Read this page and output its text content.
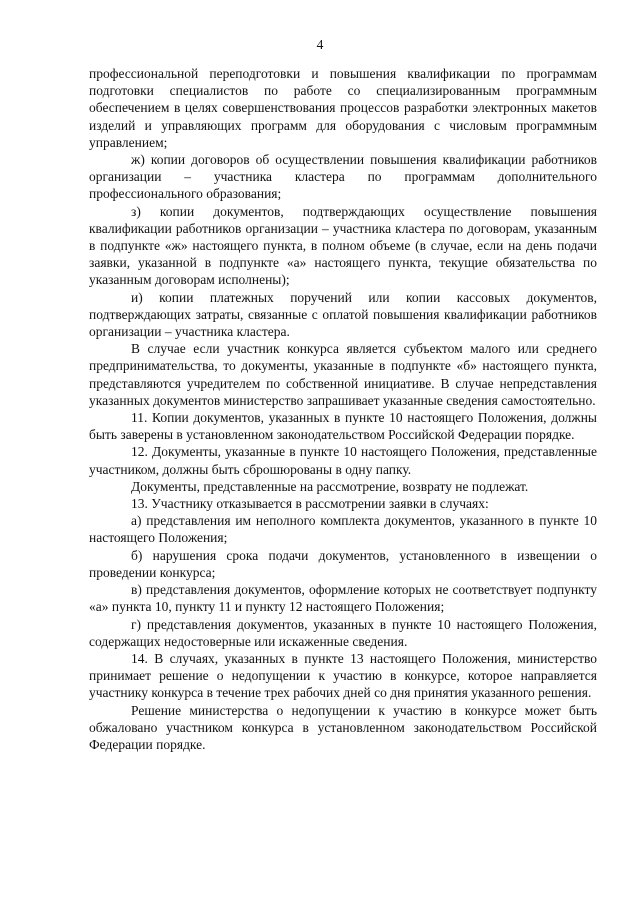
4

профессиональной переподготовки и повышения квалификации по программам подготовки специалистов по работе со специализированным программным обеспечением в целях совершенствования процессов разработки электронных макетов изделий и управляющих программ для оборудования с числовым программным управлением;

ж) копии договоров об осуществлении повышения квалификации работников организации – участника кластера по программам дополнительного профессионального образования;

з) копии документов, подтверждающих осуществление повышения квалификации работников организации – участника кластера по договорам, указанным в подпункте «ж» настоящего пункта, в полном объеме (в случае, если на день подачи заявки, указанной в подпункте «а» настоящего пункта, текущие обязательства по указанным договорам исполнены);

и) копии платежных поручений или копии кассовых документов, подтверждающих затраты, связанные с оплатой повышения квалификации работников организации – участника кластера.

В случае если участник конкурса является субъектом малого или среднего предпринимательства, то документы, указанные в подпункте «б» настоящего пункта, представляются учредителем по собственной инициативе. В случае непредставления указанных документов министерство запрашивает указанные сведения самостоятельно.

11. Копии документов, указанных в пункте 10 настоящего Положения, должны быть заверены в установленном законодательством Российской Федерации порядке.

12. Документы, указанные в пункте 10 настоящего Положения, представленные участником, должны быть сброшюрованы в одну папку.

Документы, представленные на рассмотрение, возврату не подлежат.

13. Участнику отказывается в рассмотрении заявки в случаях:

а) представления им неполного комплекта документов, указанного в пункте 10 настоящего Положения;

б) нарушения срока подачи документов, установленного в извещении о проведении конкурса;

в) представления документов, оформление которых не соответствует подпункту «а» пункта 10, пункту 11 и пункту 12 настоящего Положения;

г) представления документов, указанных в пункте 10 настоящего Положения, содержащих недостоверные или искаженные сведения.

14. В случаях, указанных в пункте 13 настоящего Положения, министерство принимает решение о недопущении к участию в конкурсе, которое направляется участнику конкурса в течение трех рабочих дней со дня принятия указанного решения.

Решение министерства о недопущении к участию в конкурсе может быть обжаловано участником конкурса в установленном законодательством Российской Федерации порядке.
